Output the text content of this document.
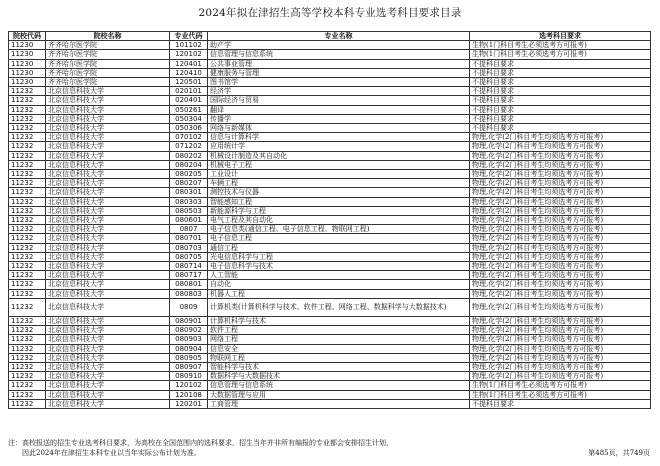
2024年拟在津招生高等学校本科专业选考科目要求目录
院校代码	院校名称	专业代码	专业名称	选考科目要求
11230	齐齐哈尔医学院	101102	助产学	生物(1门科目考生必须选考方可报考)
11230	齐齐哈尔医学院	120102	信息管理与信息系统	生物(1门科目考生必须选考方可报考)
11230	齐齐哈尔医学院	120401	公共事业管理	不提科目要求
11230	齐齐哈尔医学院	120410	健康服务与管理	不提科目要求
11230	齐齐哈尔医学院	120501	图书馆学	不提科目要求
11232	北京信息科技大学	020101	经济学	不提科目要求
11232	北京信息科技大学	020401	国际经济与贸易	不提科目要求
11232	北京信息科技大学	050261	翻译	不提科目要求
11232	北京信息科技大学	050304	传播学	不提科目要求
11232	北京信息科技大学	050306	网络与新媒体	不提科目要求
11232	北京信息科技大学	070102	信息与计算科学	物理,化学(2门科目考生均须选考方可报考)
11232	北京信息科技大学	071202	应用统计学	物理,化学(2门科目考生均须选考方可报考)
11232	北京信息科技大学	080202	机械设计制造及其自动化	物理,化学(2门科目考生均须选考方可报考)
11232	北京信息科技大学	080204	机械电子工程	物理,化学(2门科目考生均须选考方可报考)
11232	北京信息科技大学	080205	工业设计	物理,化学(2门科目考生均须选考方可报考)
11232	北京信息科技大学	080207	车辆工程	物理,化学(2门科目考生均须选考方可报考)
11232	北京信息科技大学	080301	测控技术与仪器	物理,化学(2门科目考生均须选考方可报考)
11232	北京信息科技大学	080303	智能感知工程	物理,化学(2门科目考生均须选考方可报考)
11232	北京信息科技大学	080503	新能源科学与工程	物理,化学(2门科目考生均须选考方可报考)
11232	北京信息科技大学	080601	电气工程及其自动化	物理,化学(2门科目考生均须选考方可报考)
11232	北京信息科技大学	0807	电子信息类(通信工程、电子信息工程、物联网工程)	物理,化学(2门科目考生均须选考方可报考)
11232	北京信息科技大学	080701	电子信息工程	物理,化学(2门科目考生均须选考方可报考)
11232	北京信息科技大学	080703	通信工程	物理,化学(2门科目考生均须选考方可报考)
11232	北京信息科技大学	080705	光电信息科学与工程	物理,化学(2门科目考生均须选考方可报考)
11232	北京信息科技大学	080714	电子信息科学与技术	物理,化学(2门科目考生均须选考方可报考)
11232	北京信息科技大学	080717	人工智能	物理,化学(2门科目考生均须选考方可报考)
11232	北京信息科技大学	080801	自动化	物理,化学(2门科目考生均须选考方可报考)
11232	北京信息科技大学	080803	机器人工程	物理,化学(2门科目考生均须选考方可报考)
11232	北京信息科技大学	0809	计算机类(计算机科学与技术、软件工程、网络工程、数据科学与大数据技术)	物理,化学(2门科目考生均须选考方可报考)
11232	北京信息科技大学	080901	计算机科学与技术	物理,化学(2门科目考生均须选考方可报考)
11232	北京信息科技大学	080902	软件工程	物理,化学(2门科目考生均须选考方可报考)
11232	北京信息科技大学	080903	网络工程	物理,化学(2门科目考生均须选考方可报考)
11232	北京信息科技大学	080904	信息安全	物理,化学(2门科目考生均须选考方可报考)
11232	北京信息科技大学	080905	物联网工程	物理,化学(2门科目考生均须选考方可报考)
11232	北京信息科技大学	080907	智能科学与技术	物理,化学(2门科目考生均须选考方可报考)
11232	北京信息科技大学	080910	数据科学与大数据技术	物理,化学(2门科目考生均须选考方可报考)
11232	北京信息科技大学	120102	信息管理与信息系统	生物(1门科目考生必须选考方可报考)
11232	北京信息科技大学	120108	大数据管理与应用	生物(1门科目考生必须选考方可报考)
11232	北京信息科技大学	120201	工商管理	不提科目要求
注：高校报送的招生专业选考科目要求，为高校在全国范围内的选科要求，招生当年并非所有编报的专业都会安排招生计划，
因此2024年在津招生本科专业以当年实际公布计划为准。	第485页，共749页
